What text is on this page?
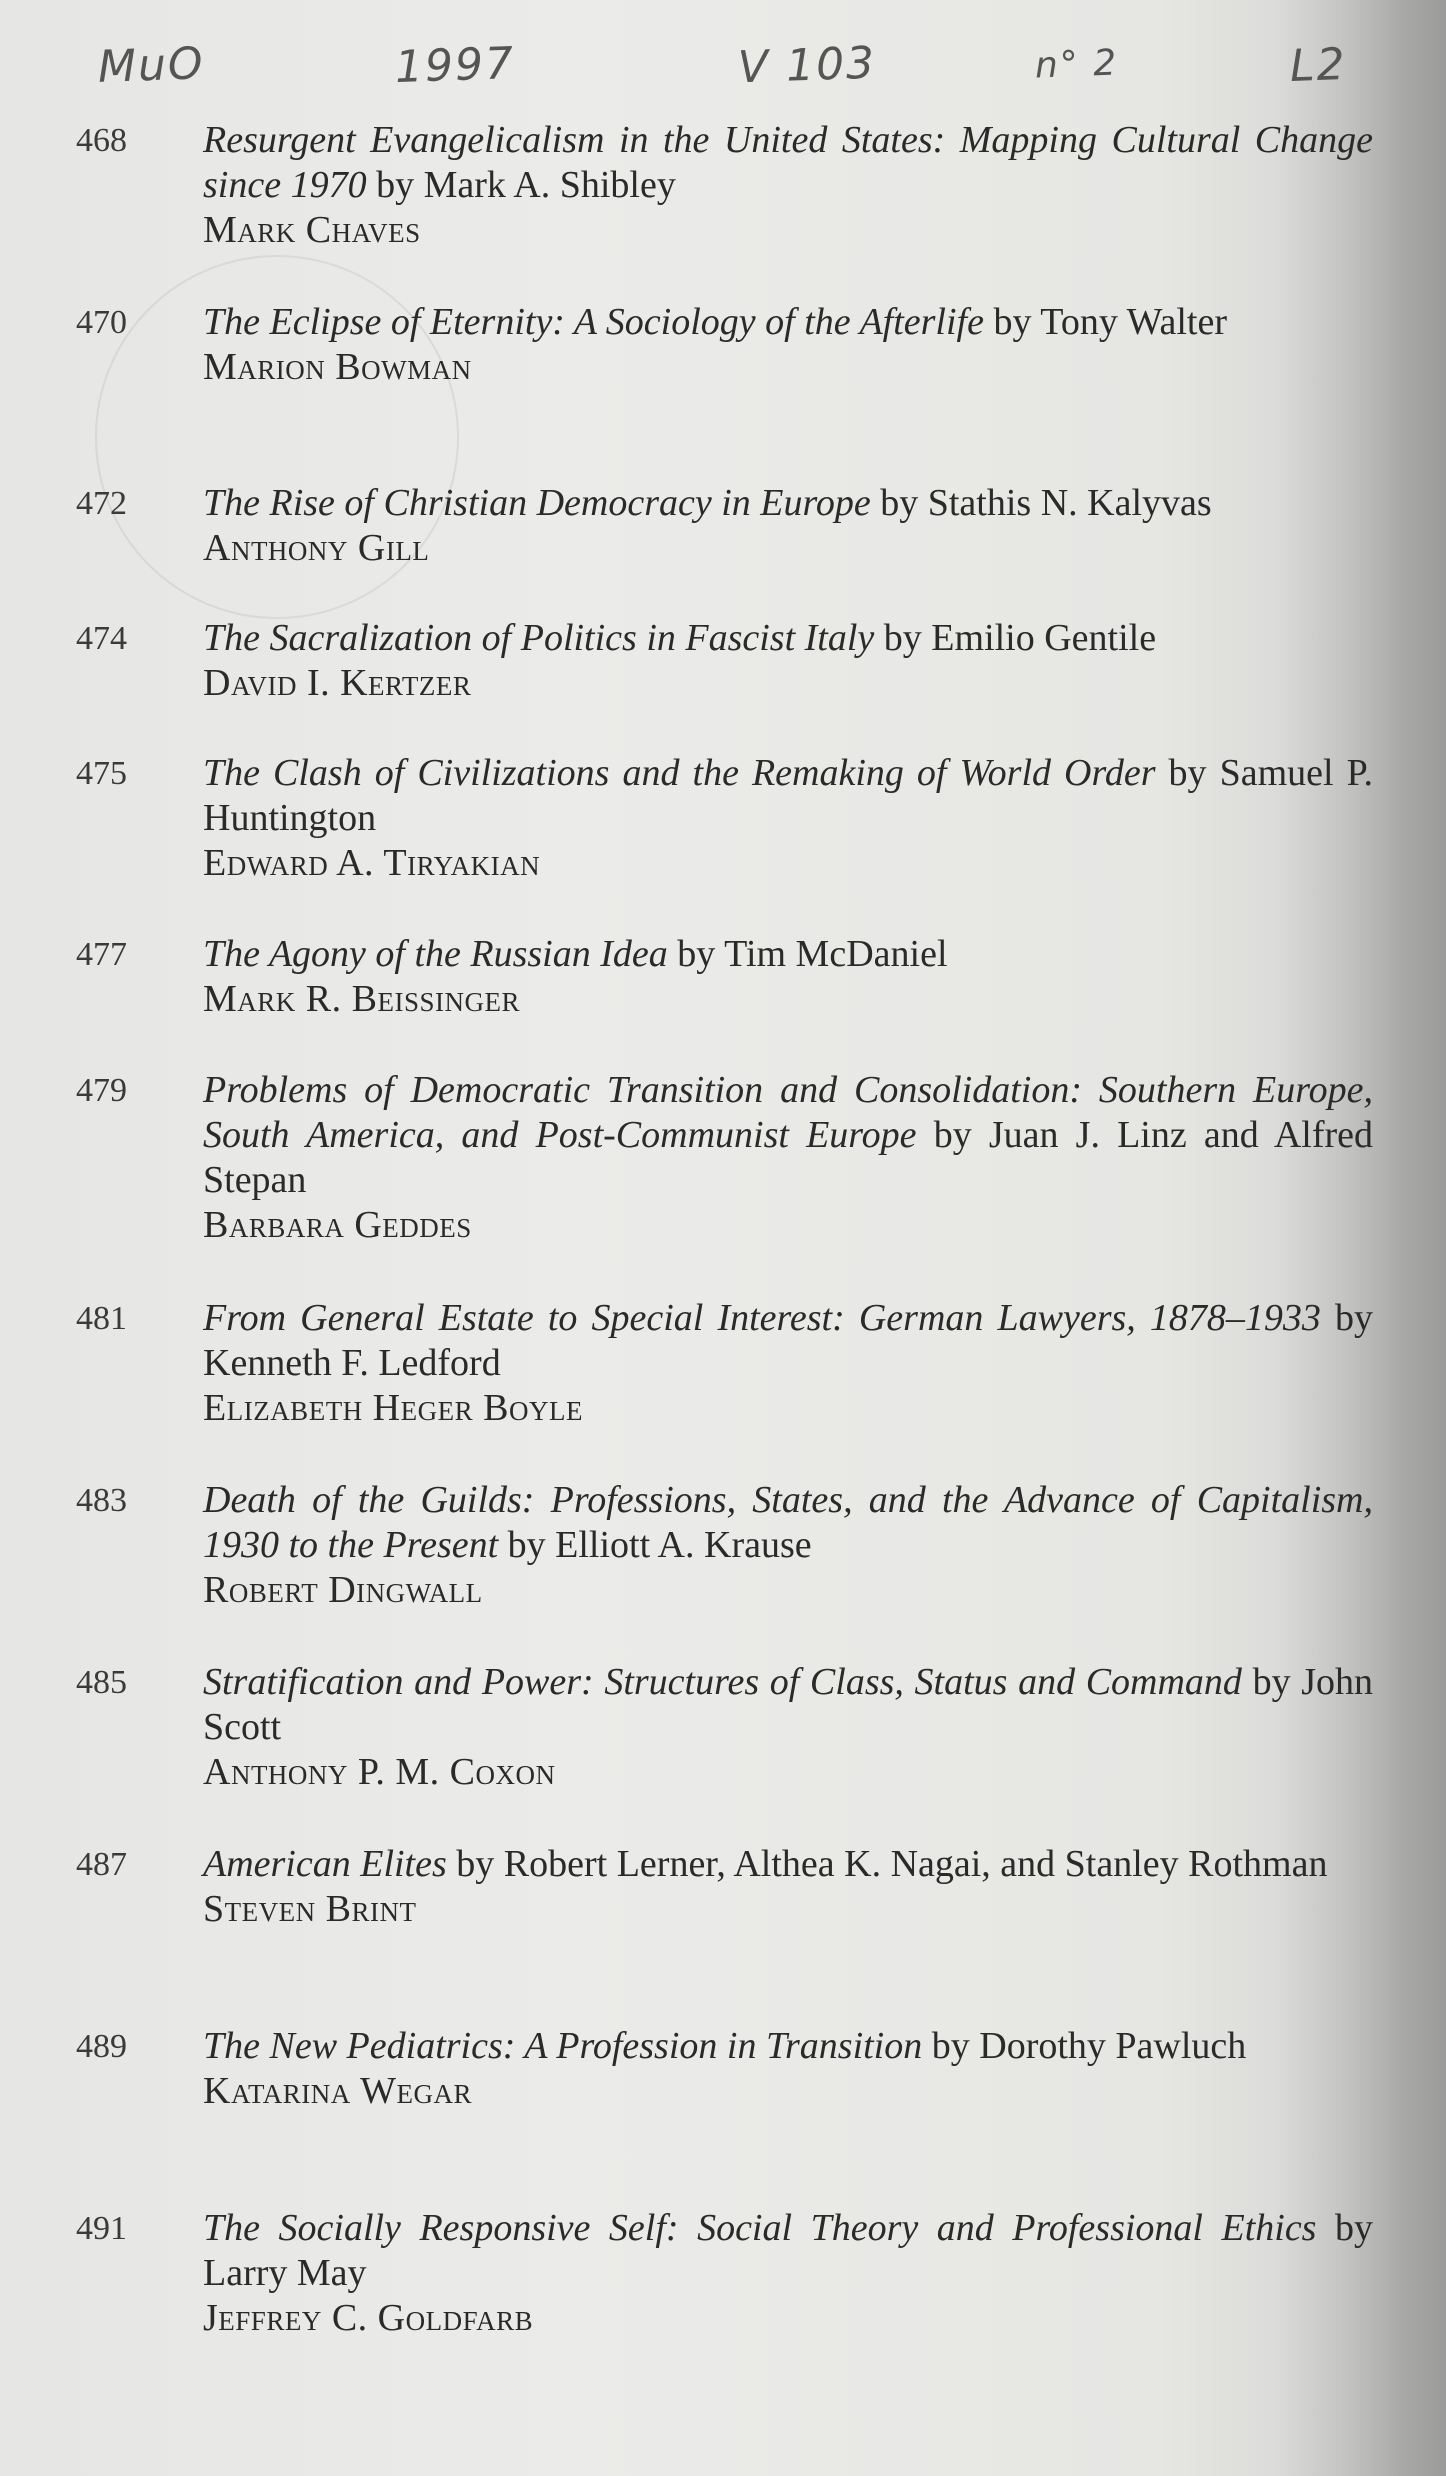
MuO	1997	V 103	n° 2	L2
468 Resurgent Evangelicalism in the United States: Mapping Cultural Change since 1970 by Mark A. Shibley
Mark Chaves
470 The Eclipse of Eternity: A Sociology of the Afterlife by Tony Walter
Marion Bowman
472 The Rise of Christian Democracy in Europe by Stathis N. Kalyvas
Anthony Gill
474 The Sacralization of Politics in Fascist Italy by Emilio Gentile
David I. Kertzer
475 The Clash of Civilizations and the Remaking of World Order by Samuel P. Huntington
Edward A. Tiryakian
477 The Agony of the Russian Idea by Tim McDaniel
Mark R. Beissinger
479 Problems of Democratic Transition and Consolidation: Southern Europe, South America, and Post-Communist Europe by Juan J. Linz and Alfred Stepan
Barbara Geddes
481 From General Estate to Special Interest: German Lawyers, 1878–1933 by Kenneth F. Ledford
Elizabeth Heger Boyle
483 Death of the Guilds: Professions, States, and the Advance of Capitalism, 1930 to the Present by Elliott A. Krause
Robert Dingwall
485 Stratification and Power: Structures of Class, Status and Command by John Scott
Anthony P. M. Coxon
487 American Elites by Robert Lerner, Althea K. Nagai, and Stanley Rothman
Steven Brint
489 The New Pediatrics: A Profession in Transition by Dorothy Pawluch
Katarina Wegar
491 The Socially Responsive Self: Social Theory and Professional Ethics by Larry May
Jeffrey C. Goldfarb
